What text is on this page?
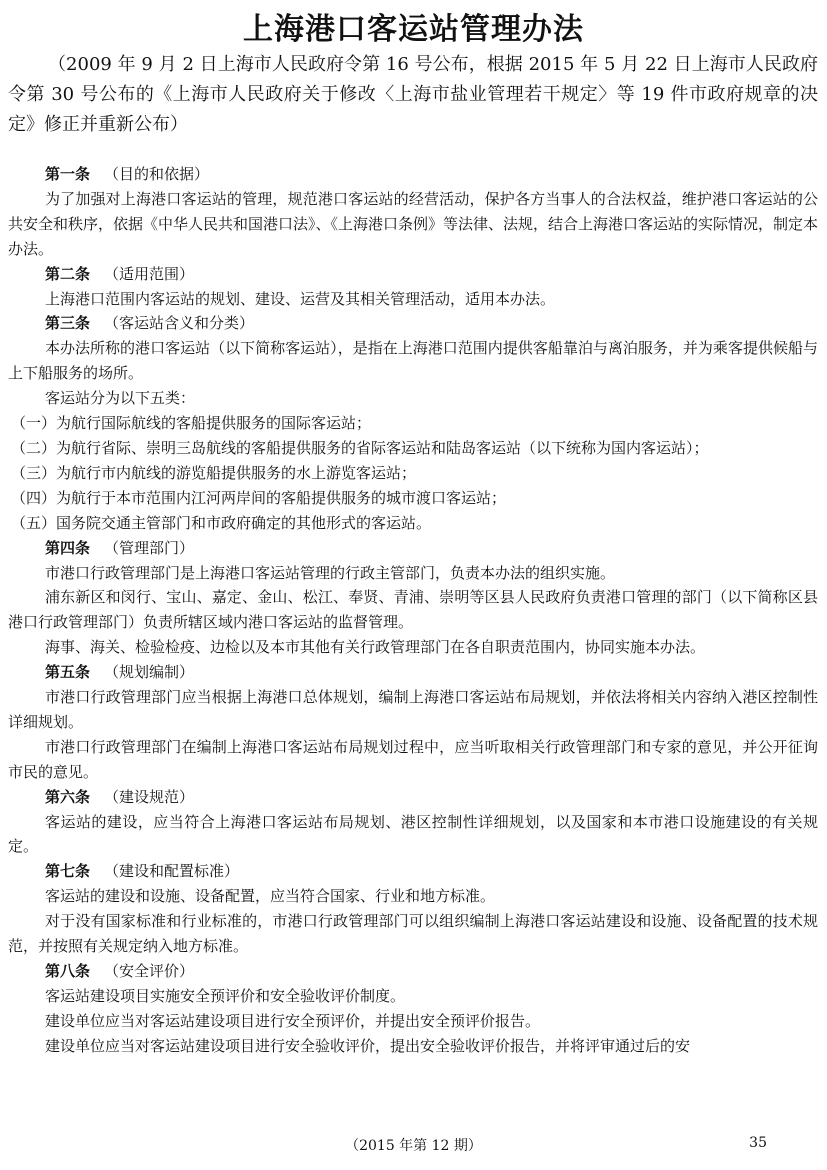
上海港口客运站管理办法
（2009 年 9 月 2 日上海市人民政府令第 16 号公布，根据 2015 年 5 月 22 日上海市人民政府令第 30 号公布的《上海市人民政府关于修改〈上海市盐业管理若干规定〉等 19 件市政府规章的决定》修正并重新公布）

第一条 （目的和依据）

为了加强对上海港口客运站的管理，规范港口客运站的经营活动，保护各方当事人的合法权益，维护港口客运站的公共安全和秩序，依据《中华人民共和国港口法》、《上海港口条例》等法律、法规，结合上海港口客运站的实际情况，制定本办法。

第二条 （适用范围）

上海港口范围内客运站的规划、建设、运营及其相关管理活动，适用本办法。

第三条 （客运站含义和分类）

本办法所称的港口客运站（以下简称客运站），是指在上海港口范围内提供客船靠泊与离泊服务，并为乘客提供候船与上下船服务的场所。

客运站分为以下五类：

（一）为航行国际航线的客船提供服务的国际客运站；

（二）为航行省际、崇明三岛航线的客船提供服务的省际客运站和陆岛客运站（以下统称为国内客运站）；

（三）为航行市内航线的游览船提供服务的水上游览客运站；

（四）为航行于本市范围内江河两岸间的客船提供服务的城市渡口客运站；

（五）国务院交通主管部门和市政府确定的其他形式的客运站。

第四条 （管理部门）

市港口行政管理部门是上海港口客运站管理的行政主管部门，负责本办法的组织实施。

浦东新区和闵行、宝山、嘉定、金山、松江、奉贤、青浦、崇明等区县人民政府负责港口管理的部门（以下简称区县港口行政管理部门）负责所辖区域内港口客运站的监督管理。

海事、海关、检验检疫、边检以及本市其他有关行政管理部门在各自职责范围内，协同实施本办法。

第五条 （规划编制）

市港口行政管理部门应当根据上海港口总体规划，编制上海港口客运站布局规划，并依法将相关内容纳入港区控制性详细规划。

市港口行政管理部门在编制上海港口客运站布局规划过程中，应当听取相关行政管理部门和专家的意见，并公开征询市民的意见。

第六条 （建设规范）

客运站的建设，应当符合上海港口客运站布局规划、港区控制性详细规划，以及国家和本市港口设施建设的有关规定。

第七条 （建设和配置标准）

客运站的建设和设施、设备配置，应当符合国家、行业和地方标准。

对于没有国家标准和行业标准的，市港口行政管理部门可以组织编制上海港口客运站建设和设施、设备配置的技术规范，并按照有关规定纳入地方标准。

第八条 （安全评价）

客运站建设项目实施安全预评价和安全验收评价制度。

建设单位应当对客运站建设项目进行安全预评价，并提出安全预评价报告。

建设单位应当对客运站建设项目进行安全验收评价，提出安全验收评价报告，并将评审通过后的安

（2015 年第 12 期）	35
